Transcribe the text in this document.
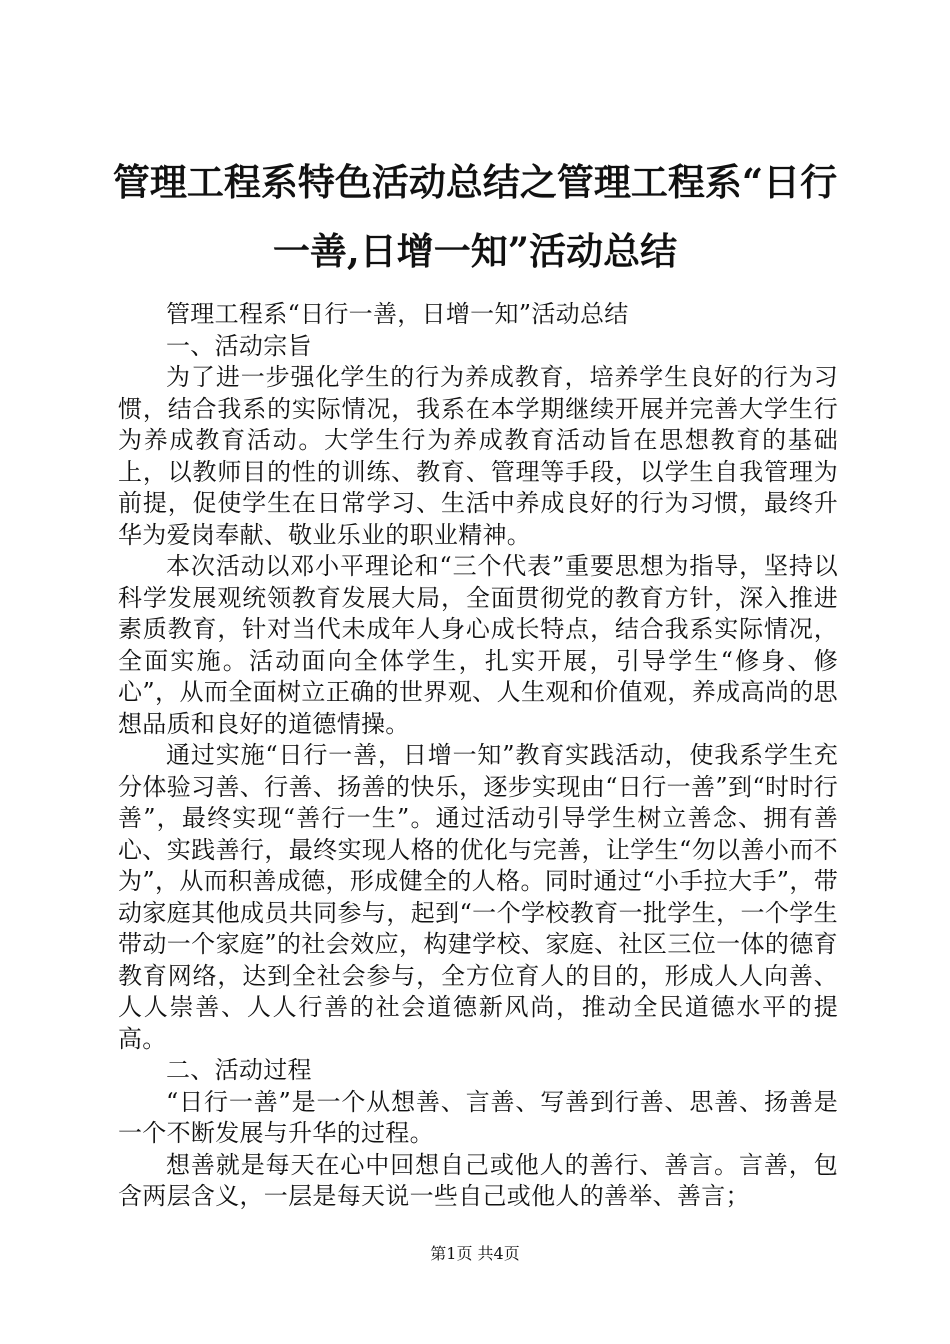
管理工程系特色活动总结之管理工程系“日行
一善,日增一知”活动总结

管理工程系“日行一善，日增一知”活动总结

一、活动宗旨

为了进一步强化学生的行为养成教育，培养学生良好的行为习惯，结合我系的实际情况，我系在本学期继续开展并完善大学生行为养成教育活动。大学生行为养成教育活动旨在思想教育的基础上，以教师目的性的训练、教育、管理等手段，以学生自我管理为前提，促使学生在日常学习、生活中养成良好的行为习惯，最终升华为爱岗奉献、敬业乐业的职业精神。

本次活动以邓小平理论和“三个代表”重要思想为指导，坚持以科学发展观统领教育发展大局，全面贯彻党的教育方针，深入推进素质教育，针对当代未成年人身心成长特点，结合我系实际情况，全面实施。活动面向全体学生，扎实开展，引导学生“修身、修心”，从而全面树立正确的世界观、人生观和价值观，养成高尚的思想品质和良好的道德情操。

通过实施“日行一善，日增一知”教育实践活动，使我系学生充分体验习善、行善、扬善的快乐，逐步实现由“日行一善”到“时时行善”，最终实现“善行一生”。通过活动引导学生树立善念、拥有善心、实践善行，最终实现人格的优化与完善，让学生“勿以善小而不为”，从而积善成德，形成健全的人格。同时通过“小手拉大手”，带动家庭其他成员共同参与，起到“一个学校教育一批学生，一个学生带动一个家庭”的社会效应，构建学校、家庭、社区三位一体的德育教育网络，达到全社会参与，全方位育人的目的，形成人人向善、人人崇善、人人行善的社会道德新风尚，推动全民道德水平的提高。

二、活动过程

“日行一善”是一个从想善、言善、写善到行善、思善、扬善是一个不断发展与升华的过程。

想善就是每天在心中回想自己或他人的善行、善言。言善，包含两层含义，一层是每天说一些自己或他人的善举、善言；

第1页 共4页
